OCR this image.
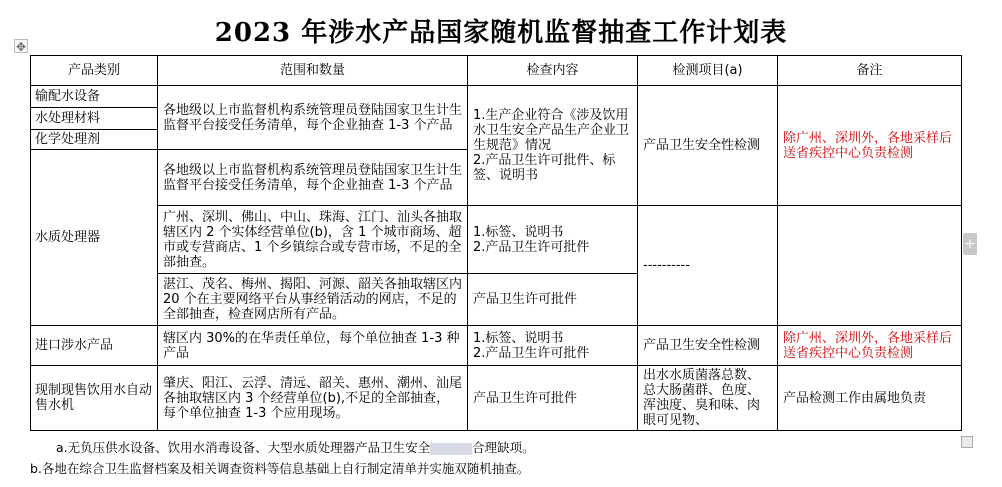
2023 年涉水产品国家随机监督抽查工作计划表
✥
+
产品类别	范围和数量	检查内容	检测项目(a)	备注
输配水设备	各地级以上市监督机构系统管理员登陆国家卫生计生监督平台接受任务清单，每个企业抽查 1-3 个产品	1.生产企业符合《涉及饮用水卫生安全产品生产企业卫生规范》情况
2.产品卫生许可批件、标签、说明书	产品卫生安全性检测	除广州、深圳外，各地采样后送省疾控中心负责检测
水处理材料				
化学处理剂				
水质处理器	各地级以上市监督机构系统管理员登陆国家卫生计生监督平台接受任务清单，每个企业抽查 1-3 个产品			
	广州、深圳、佛山、中山、珠海、江门、汕头各抽取辖区内 2 个实体经营单位(b)，含 1 个城市商场、超市或专营商店、1 个乡镇综合或专营市场，不足的全部抽查。	1.标签、说明书
2.产品卫生许可批件	----------	
	湛江、茂名、梅州、揭阳、河源、韶关各抽取辖区内 20 个在主要网络平台从事经销活动的网店，不足的全部抽查，检查网店所有产品。	产品卫生许可批件		
进口涉水产品	辖区内 30%的在华责任单位，每个单位抽查 1-3 种产品	1.标签、说明书
2.产品卫生许可批件	产品卫生安全性检测	除广州、深圳外，各地采样后送省疾控中心负责检测
现制现售饮用水自动售水机	肇庆、阳江、云浮、清远、韶关、惠州、潮州、汕尾各抽取辖区内 3 个经营单位(b),不足的全部抽查，每个单位抽查 1-3 个应用现场。	产品卫生许可批件	出水水质菌落总数、总大肠菌群、色度、浑浊度、臭和味、肉眼可见物、	产品检测工作由属地负责
a.无负压供水设备、饮用水消毒设备、大型水质处理器产品卫生安全	合理缺项。
b.各地在综合卫生监督档案及相关调查资料等信息基础上自行制定清单并实施双随机抽查。
